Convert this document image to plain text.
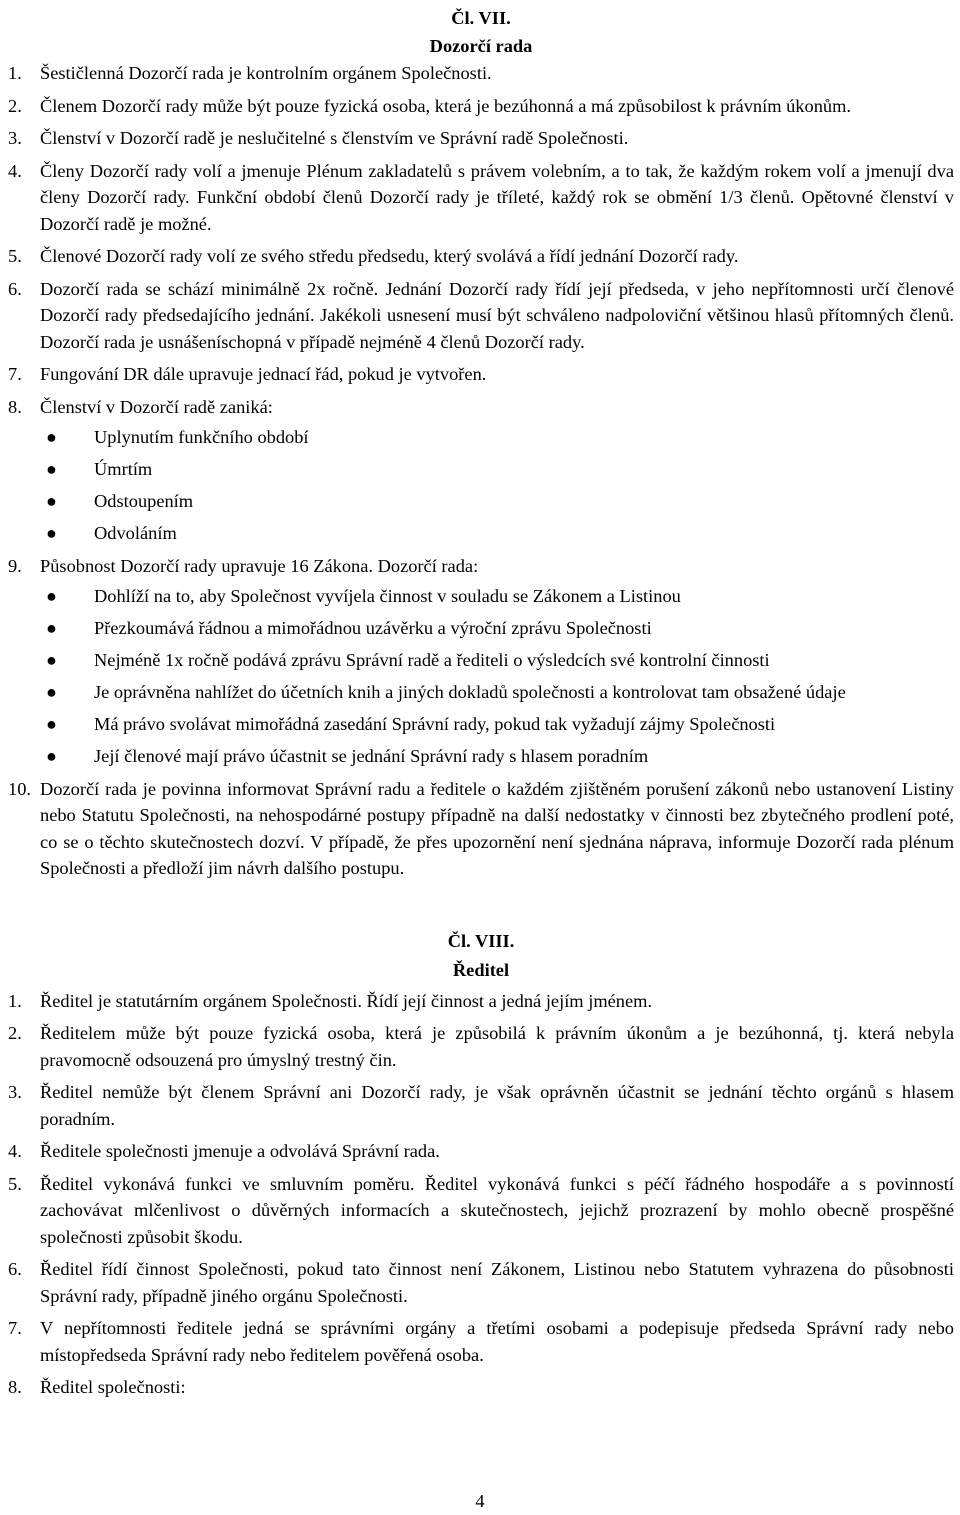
Čl. VII.

Dozorčí rada

1. Šestičlenná Dozorčí rada je kontrolním orgánem Společnosti.
2. Členem Dozorčí rady může být pouze fyzická osoba, která je bezúhonná a má způsobilost k právním úkonům.
3. Členství v Dozorčí radě je neslučitelné s členstvím ve Správní radě Společnosti.
4. Členy Dozorčí rady volí a jmenuje Plénum zakladatelů s právem volebním, a to tak, že každým rokem volí a jmenují dva členy Dozorčí rady. Funkční období členů Dozorčí rady je tříleté, každý rok se obmění 1/3 členů. Opětovné členství v Dozorčí radě je možné.
5. Členové Dozorčí rady volí ze svého středu předsedu, který svolává a řídí jednání Dozorčí rady.
6. Dozorčí rada se schází minimálně 2x ročně. Jednání Dozorčí rady řídí její předseda, v jeho nepřítomnosti určí členové Dozorčí rady předsedajícího jednání. Jakékoli usnesení musí být schváleno nadpoloviční většinou hlasů přítomných členů. Dozorčí rada je usnášeníschopná v případě nejméně 4 členů Dozorčí rady.
7. Fungování DR dále upravuje jednací řád, pokud je vytvořen.
8. Členství v Dozorčí radě zaniká:
● Uplynutím funkčního období
● Úmrtím
● Odstoupením
● Odvoláním
9. Působnost Dozorčí rady upravuje 16 Zákona. Dozorčí rada:
● Dohlíží na to, aby Společnost vyvíjela činnost v souladu se Zákonem a Listinou
● Přezkoumává řádnou a mimořádnou uzávěrku a výroční zprávu Společnosti
● Nejméně 1x ročně podává zprávu Správní radě a řediteli o výsledcích své kontrolní činnosti
● Je oprávněna nahlížet do účetních knih a jiných dokladů společnosti a kontrolovat tam obsažené údaje
● Má právo svolávat mimořádná zasedání Správní rady, pokud tak vyžadují zájmy Společnosti
● Její členové mají právo účastnit se jednání Správní rady s hlasem poradním
10. Dozorčí rada je povinna informovat Správní radu a ředitele o každém zjištěném porušení zákonů nebo ustanovení Listiny nebo Statutu Společnosti, na nehospodárné postupy případně na další nedostatky v činnosti bez zbytečného prodlení poté, co se o těchto skutečnostech dozví. V případě, že přes upozornění není sjednána náprava, informuje Dozorčí rada plénum Společnosti a předloží jim návrh dalšího postupu.

Čl. VIII.

Ředitel

1. Ředitel je statutárním orgánem Společnosti. Řídí její činnost a jedná jejím jménem.
2. Ředitelem může být pouze fyzická osoba, která je způsobilá k právním úkonům a je bezúhonná, tj. která nebyla pravomocně odsouzená pro úmyslný trestný čin.
3. Ředitel nemůže být členem Správní ani Dozorčí rady, je však oprávněn účastnit se jednání těchto orgánů s hlasem poradním.
4. Ředitele společnosti jmenuje a odvolává Správní rada.
5. Ředitel vykonává funkci ve smluvním poměru. Ředitel vykonává funkci s péčí řádného hospodáře a s povinností zachovávat mlčenlivost o důvěrných informacích a skutečnostech, jejichž prozrazení by mohlo obecně prospěšné společnosti způsobit škodu.
6. Ředitel řídí činnost Společnosti, pokud tato činnost není Zákonem, Listinou nebo Statutem vyhrazena do působnosti Správní rady, případně jiného orgánu Společnosti.
7. V nepřítomnosti ředitele jedná se správními orgány a třetími osobami a podepisuje předseda Správní rady nebo místopředseda Správní rady nebo ředitelem pověřená osoba.
8. Ředitel společnosti:
4
